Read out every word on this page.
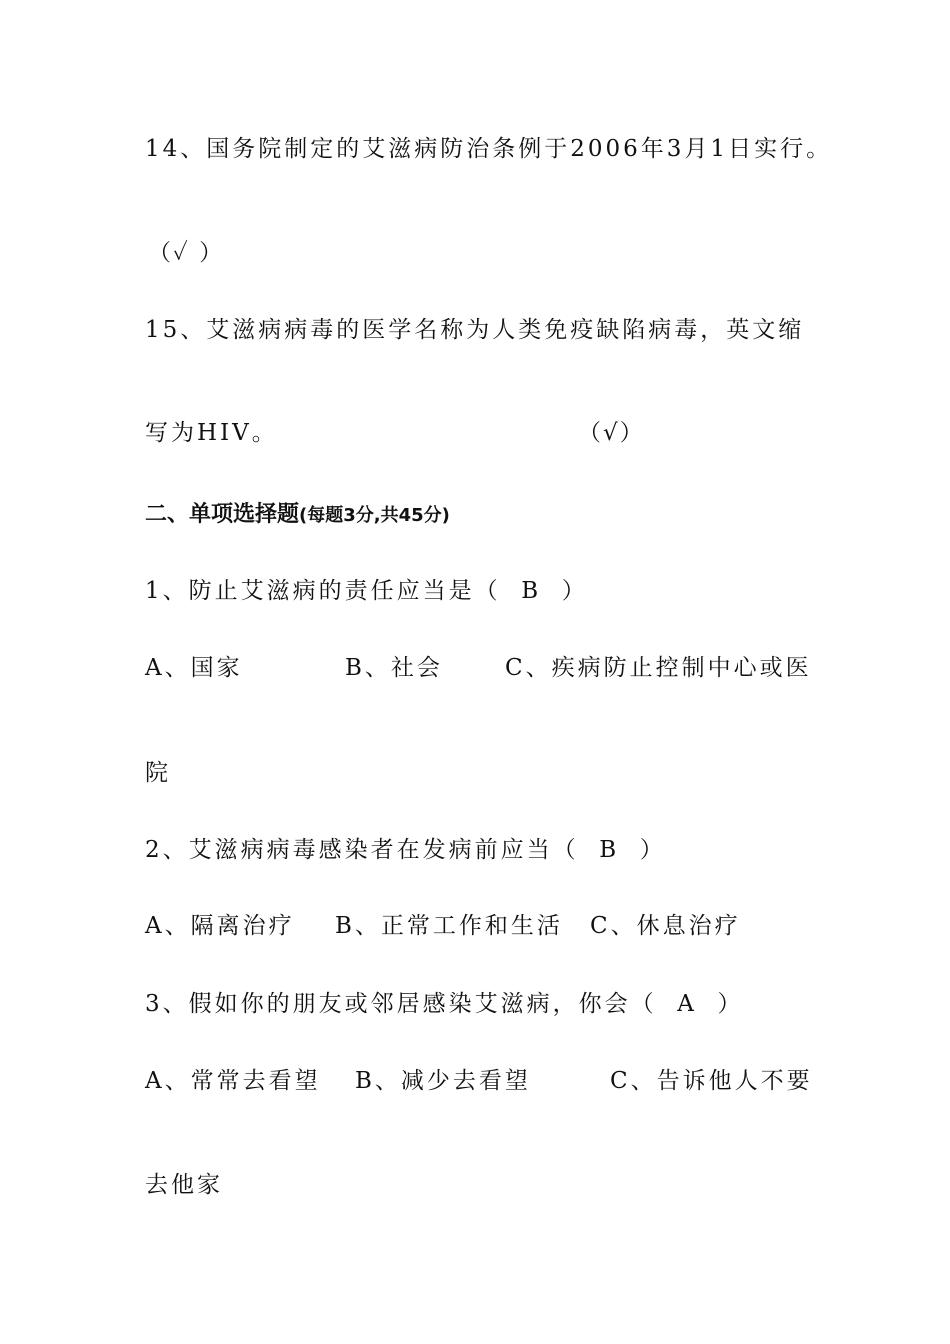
14、国务院制定的艾滋病防治条例于2006年3月1日实行。
（✓ ）
15、艾滋病病毒的医学名称为人类免疫缺陷病毒，英文缩
写为HIV。	（√）
二、单项选择题(每题3分,共45分)
1、防止艾滋病的责任应当是（  B  ）
A、国家	B、社会	C、疾病防止控制中心或医
院
2、艾滋病病毒感染者在发病前应当（  B  ）
A、隔离治疗 B、正常工作和生活 C、休息治疗
3、假如你的朋友或邻居感染艾滋病，你会（  A  ）
A、常常去看望 B、减少去看望	C、告诉他人不要
去他家
